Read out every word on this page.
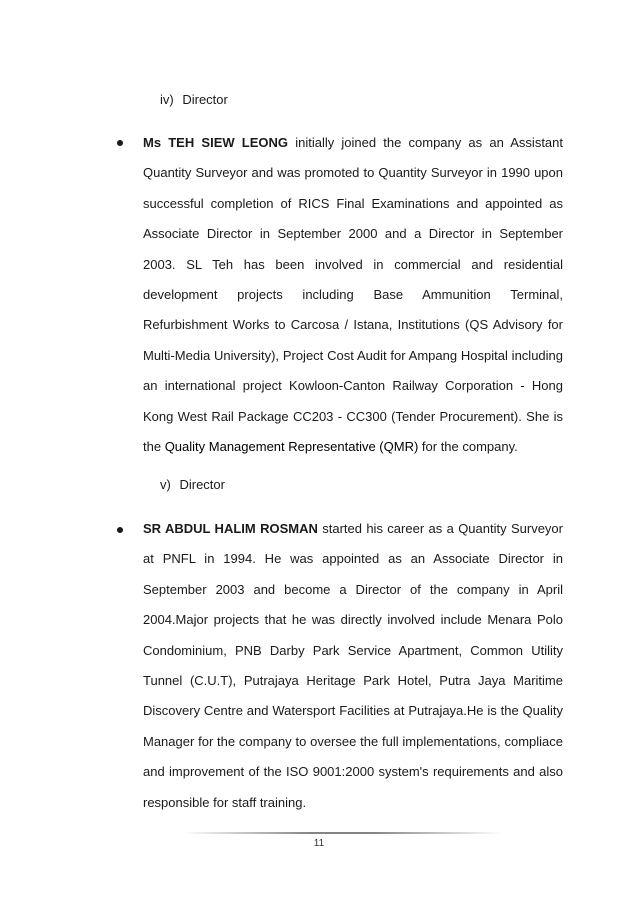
iv) Director
Ms TEH SIEW LEONG initially joined the company as an Assistant Quantity Surveyor and was promoted to Quantity Surveyor in 1990 upon successful completion of RICS Final Examinations and appointed as Associate Director in September 2000 and a Director in September 2003. SL Teh has been involved in commercial and residential development projects including Base Ammunition Terminal, Refurbishment Works to Carcosa / Istana, Institutions (QS Advisory for Multi-Media University), Project Cost Audit for Ampang Hospital including an international project Kowloon-Canton Railway Corporation - Hong Kong West Rail Package CC203 - CC300 (Tender Procurement). She is the Quality Management Representative (QMR) for the company.
v) Director
SR ABDUL HALIM ROSMAN started his career as a Quantity Surveyor at PNFL in 1994. He was appointed as an Associate Director in September 2003 and become a Director of the company in April 2004.Major projects that he was directly involved include Menara Polo Condominium, PNB Darby Park Service Apartment, Common Utility Tunnel (C.U.T), Putrajaya Heritage Park Hotel, Putra Jaya Maritime Discovery Centre and Watersport Facilities at Putrajaya.He is the Quality Manager for the company to oversee the full implementations, compliace and improvement of the ISO 9001:2000 system's requirements and also responsible for staff training.
11
